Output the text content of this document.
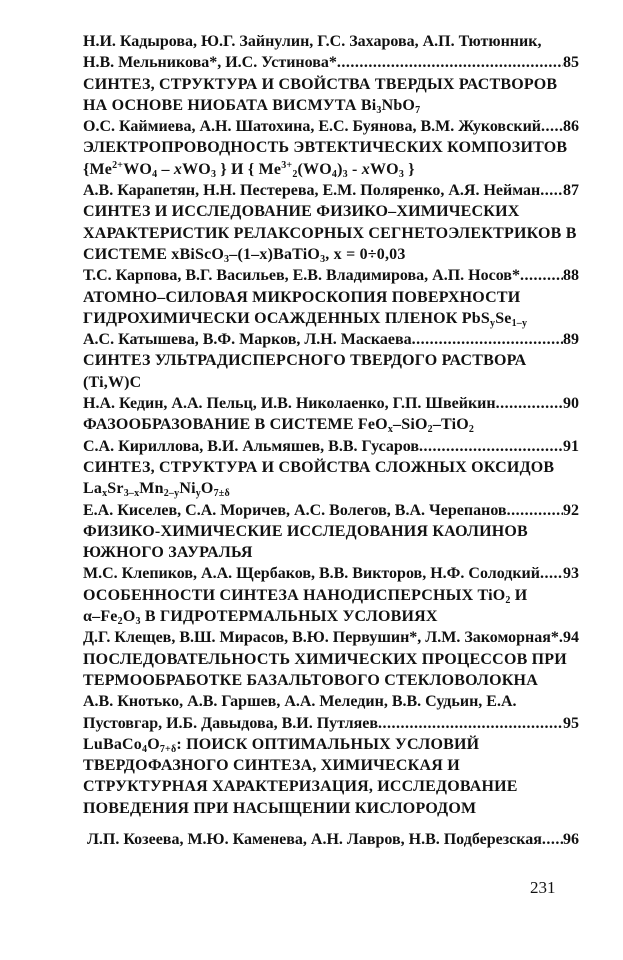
Н.И. Кадырова, Ю.Г. Зайнулин, Г.С. Захарова, А.П. Тютюнник,
Н.В. Мельникова*, И.С. Устинова* .....	85
СИНТЕЗ, СТРУКТУРА И СВОЙСТВА ТВЕРДЫХ РАСТВОРОВ
НА ОСНОВЕ НИОБАТА ВИСМУТА $Bi_3NbO_7$
О.С. Каймиева, А.Н. Шатохина, Е.С. Буянова, В.М. Жуковский ..... 86
ЭЛЕКТРОПРОВОДНОСТЬ ЭВТЕКТИЧЕСКИХ КОМПОЗИТОВ
{$Me^{2+}WO_4 - xWO_3$ } И { $Me^{3+}_2(WO_4)_3 - xWO_3$ }
А.В. Карапетян, Н.Н. Пестерева, Е.М. Поляренко, А.Я. Нейман ..... 87
СИНТЕЗ И ИССЛЕДОВАНИЕ ФИЗИКО–ХИМИЧЕСКИХ
ХАРАКТЕРИСТИК РЕЛАКСОРНЫХ СЕГНЕТОЭЛЕКТРИКОВ В
СИСТЕМЕ xBiScO$_3$–(1–x)BaTiO$_3$, x = 0÷0,03
Т.С. Карпова, В.Г. Васильев, Е.В. Владимирова, А.П. Носов* .....	88
АТОМНО–СИЛОВАЯ МИКРОСКОПИЯ ПОВЕРХНОСТИ
ГИДРОХИМИЧЕСКИ ОСАЖДЕННЫХ ПЛЕНОК $PbS_ySe_{1-y}$
А.С. Катышева, В.Ф. Марков, Л.Н. Маскаева .....	89
СИНТЕЗ УЛЬТРАДИСПЕРСНОГО ТВЕРДОГО РАСТВОРА
(Ti,W)C
Н.А. Кедин, А.А. Пельц, И.В. Николаенко, Г.П. Швейкин .....	90
ФАЗООБРАЗОВАНИЕ В СИСТЕМЕ FeO$_x$–SiO$_2$–TiO$_2$
С.А. Кириллова, В.И. Альмяшев, В.В. Гусаров .....	91
СИНТЕЗ, СТРУКТУРА И СВОЙСТВА СЛОЖНЫХ ОКСИДОВ
$La_xSr_{3-x}Mn_{2-y}Ni_yO_{7\pm\delta}$
Е.А. Киселев, С.А. Моричев, А.С. Волегов, В.А. Черепанов .....	92
ФИЗИКО-ХИМИЧЕСКИЕ ИССЛЕДОВАНИЯ КАОЛИНОВ
ЮЖНОГО ЗАУРАЛЬЯ
М.С. Клепиков, А.А. Щербаков, В.В. Викторов, Н.Ф. Солодкий ..... 93
ОСОБЕННОСТИ СИНТЕЗА НАНОДИСПЕРСНЫХ TiO$_2$ И
$\alpha-Fe_2O_3$ В ГИДРОТЕРМАЛЬНЫХ УСЛОВИЯХ
Д.Г. Клещев, В.Ш. Мирасов, В.Ю. Первушин*, Л.М. Закоморная* ..... 94
ПОСЛЕДОВАТЕЛЬНОСТЬ ХИМИЧЕСКИХ ПРОЦЕССОВ ПРИ
ТЕРМООБРАБОТКЕ БАЗАЛЬТОВОГО СТЕКЛОВОЛОКНА
А.В. Кнотько, А.В. Гаршев, А.А. Меледин, В.В. Судьин, Е.А.
Пустовгар, И.Б. Давыдова, В.И. Путляев .....	95
$LuBaCo_4O_{7+\delta}$: ПОИСК ОПТИМАЛЬНЫХ УСЛОВИЙ
ТВЕРДОФАЗНОГО СИНТЕЗА, ХИМИЧЕСКАЯ И
СТРУКТУРНАЯ ХАРАКТЕРИЗАЦИЯ, ИССЛЕДОВАНИЕ
ПОВЕДЕНИЯ ПРИ НАСЫЩЕНИИ КИСЛОРОДОМ
Л.П. Козеева, М.Ю. Каменева, А.Н. Лавров, Н.В. Подберезская ..... 96
231
